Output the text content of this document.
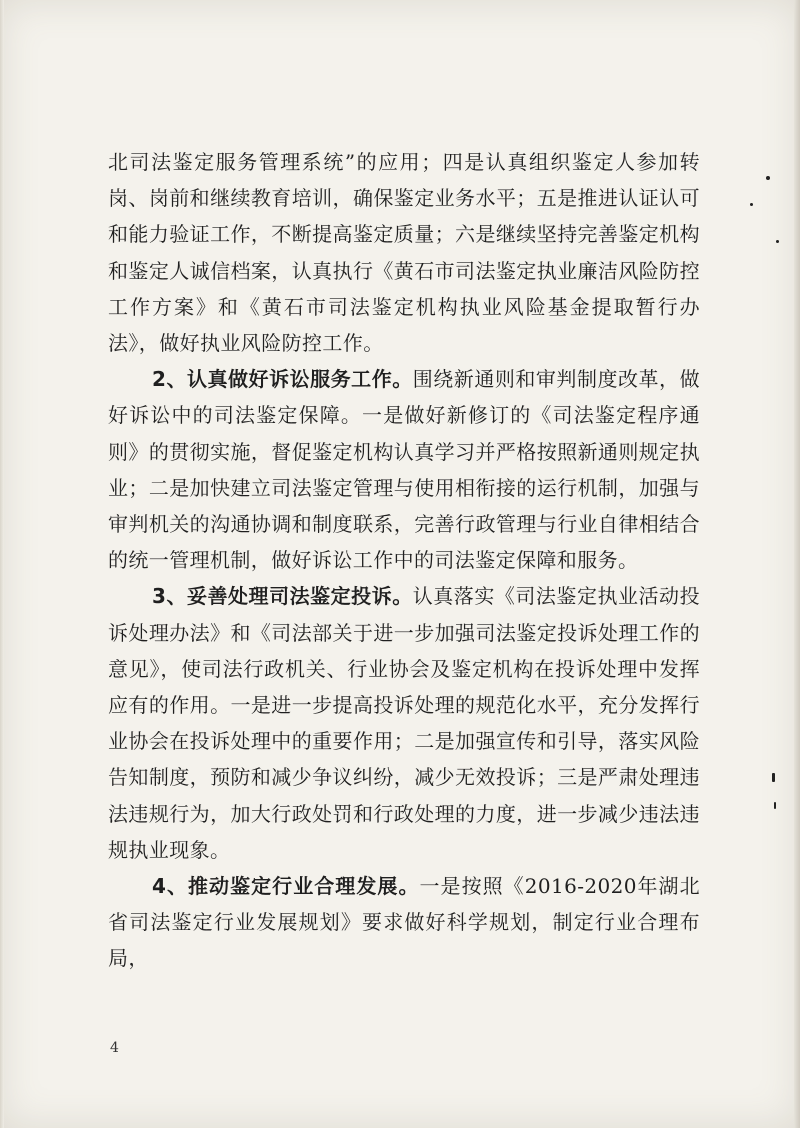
北司法鉴定服务管理系统”的应用；四是认真组织鉴定人参加转岗、岗前和继续教育培训，确保鉴定业务水平；五是推进认证认可和能力验证工作，不断提高鉴定质量；六是继续坚持完善鉴定机构和鉴定人诚信档案，认真执行《黄石市司法鉴定执业廉洁风险防控工作方案》和《黄石市司法鉴定机构执业风险基金提取暂行办法》，做好执业风险防控工作。

2、认真做好诉讼服务工作。围绕新通则和审判制度改革，做好诉讼中的司法鉴定保障。一是做好新修订的《司法鉴定程序通则》的贯彻实施，督促鉴定机构认真学习并严格按照新通则规定执业；二是加快建立司法鉴定管理与使用相衔接的运行机制，加强与审判机关的沟通协调和制度联系，完善行政管理与行业自律相结合的统一管理机制，做好诉讼工作中的司法鉴定保障和服务。

3、妥善处理司法鉴定投诉。认真落实《司法鉴定执业活动投诉处理办法》和《司法部关于进一步加强司法鉴定投诉处理工作的意见》，使司法行政机关、行业协会及鉴定机构在投诉处理中发挥应有的作用。一是进一步提高投诉处理的规范化水平，充分发挥行业协会在投诉处理中的重要作用；二是加强宣传和引导，落实风险告知制度，预防和减少争议纠纷，减少无效投诉；三是严肃处理违法违规行为，加大行政处罚和行政处理的力度，进一步减少违法违规执业现象。

4、推动鉴定行业合理发展。一是按照《2016-2020年湖北省司法鉴定行业发展规划》要求做好科学规划，制定行业合理布局，

4
